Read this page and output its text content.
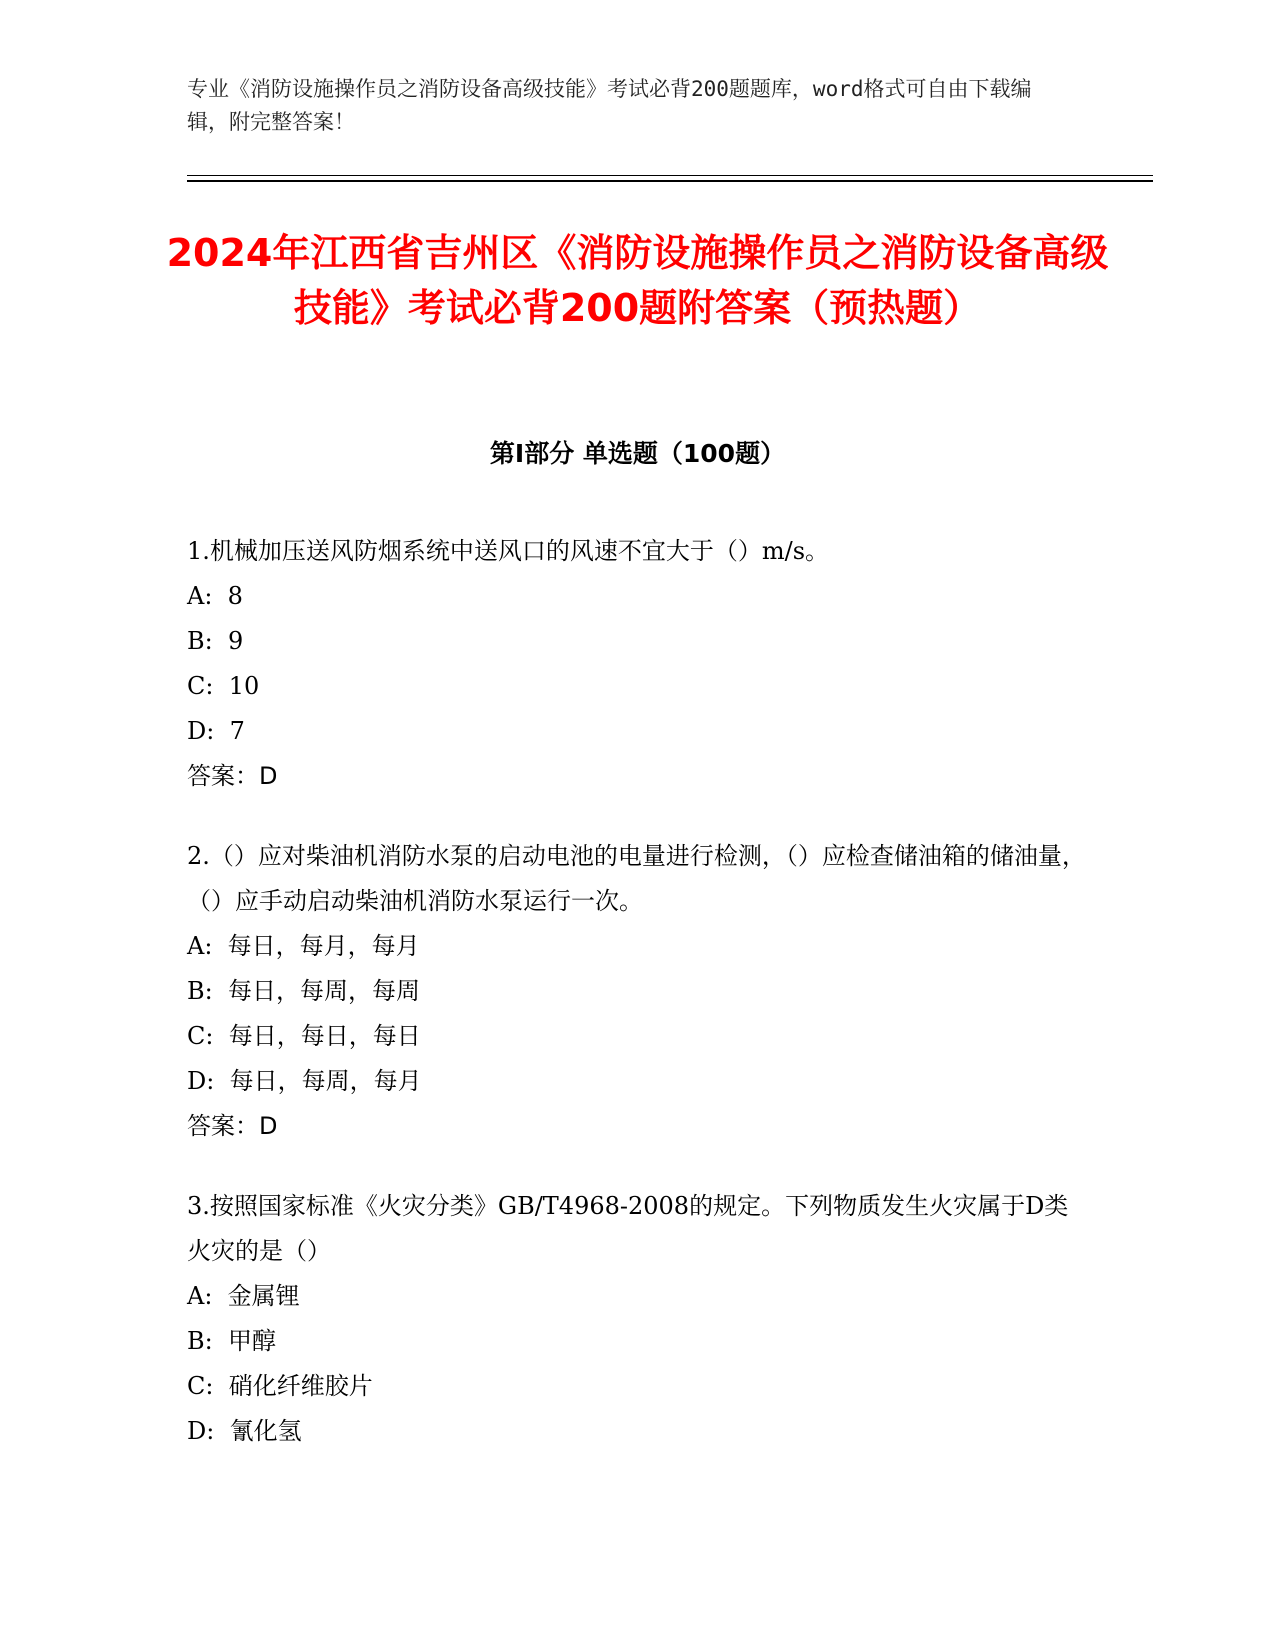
专业《消防设施操作员之消防设备高级技能》考试必背200题题库，word格式可自由下载编辑，附完整答案！
2024年江西省吉州区《消防设施操作员之消防设备高级技能》考试必背200题附答案（预热题）
第I部分 单选题（100题）

1.机械加压送风防烟系统中送风口的风速不宜大于（）m/s。

A:  8

B:  9

C:  10

D:  7

答案：D

2.（）应对柴油机消防水泵的启动电池的电量进行检测，（）应检查储油箱的储油量，（）应手动启动柴油机消防水泵运行一次。

A:  每日，每月，每月

B:  每日，每周，每周

C:  每日，每日，每日

D:  每日，每周，每月

答案：D

3.按照国家标准《火灾分类》GB/T4968-2008的规定。下列物质发生火灾属于D类火灾的是（）

A:  金属锂

B:  甲醇

C:  硝化纤维胶片

D:  氰化氢
